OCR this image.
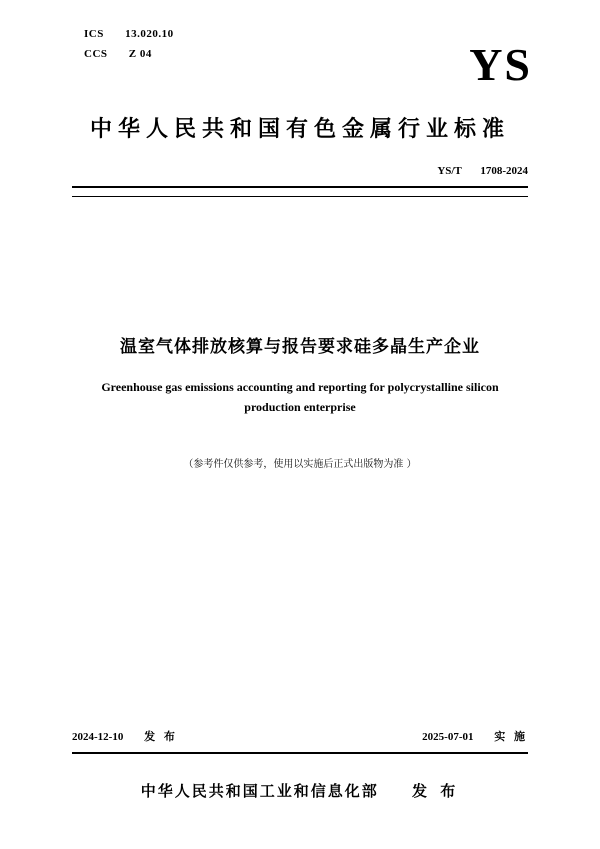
ICS 13.020.10
CCS Z 04	YS
中华人民共和国有色金属行业标准
YS/T 1708-2024
温室气体排放核算与报告要求硅多晶生产企业
Greenhouse gas emissions accounting and reporting for polycrystalline silicon
production enterprise
（参考件仅供参考，使用以实施后正式出版物为准 ）
2024-12-10 发 布	2025-07-01 实 施
中华人民共和国工业和信息化部 发 布
